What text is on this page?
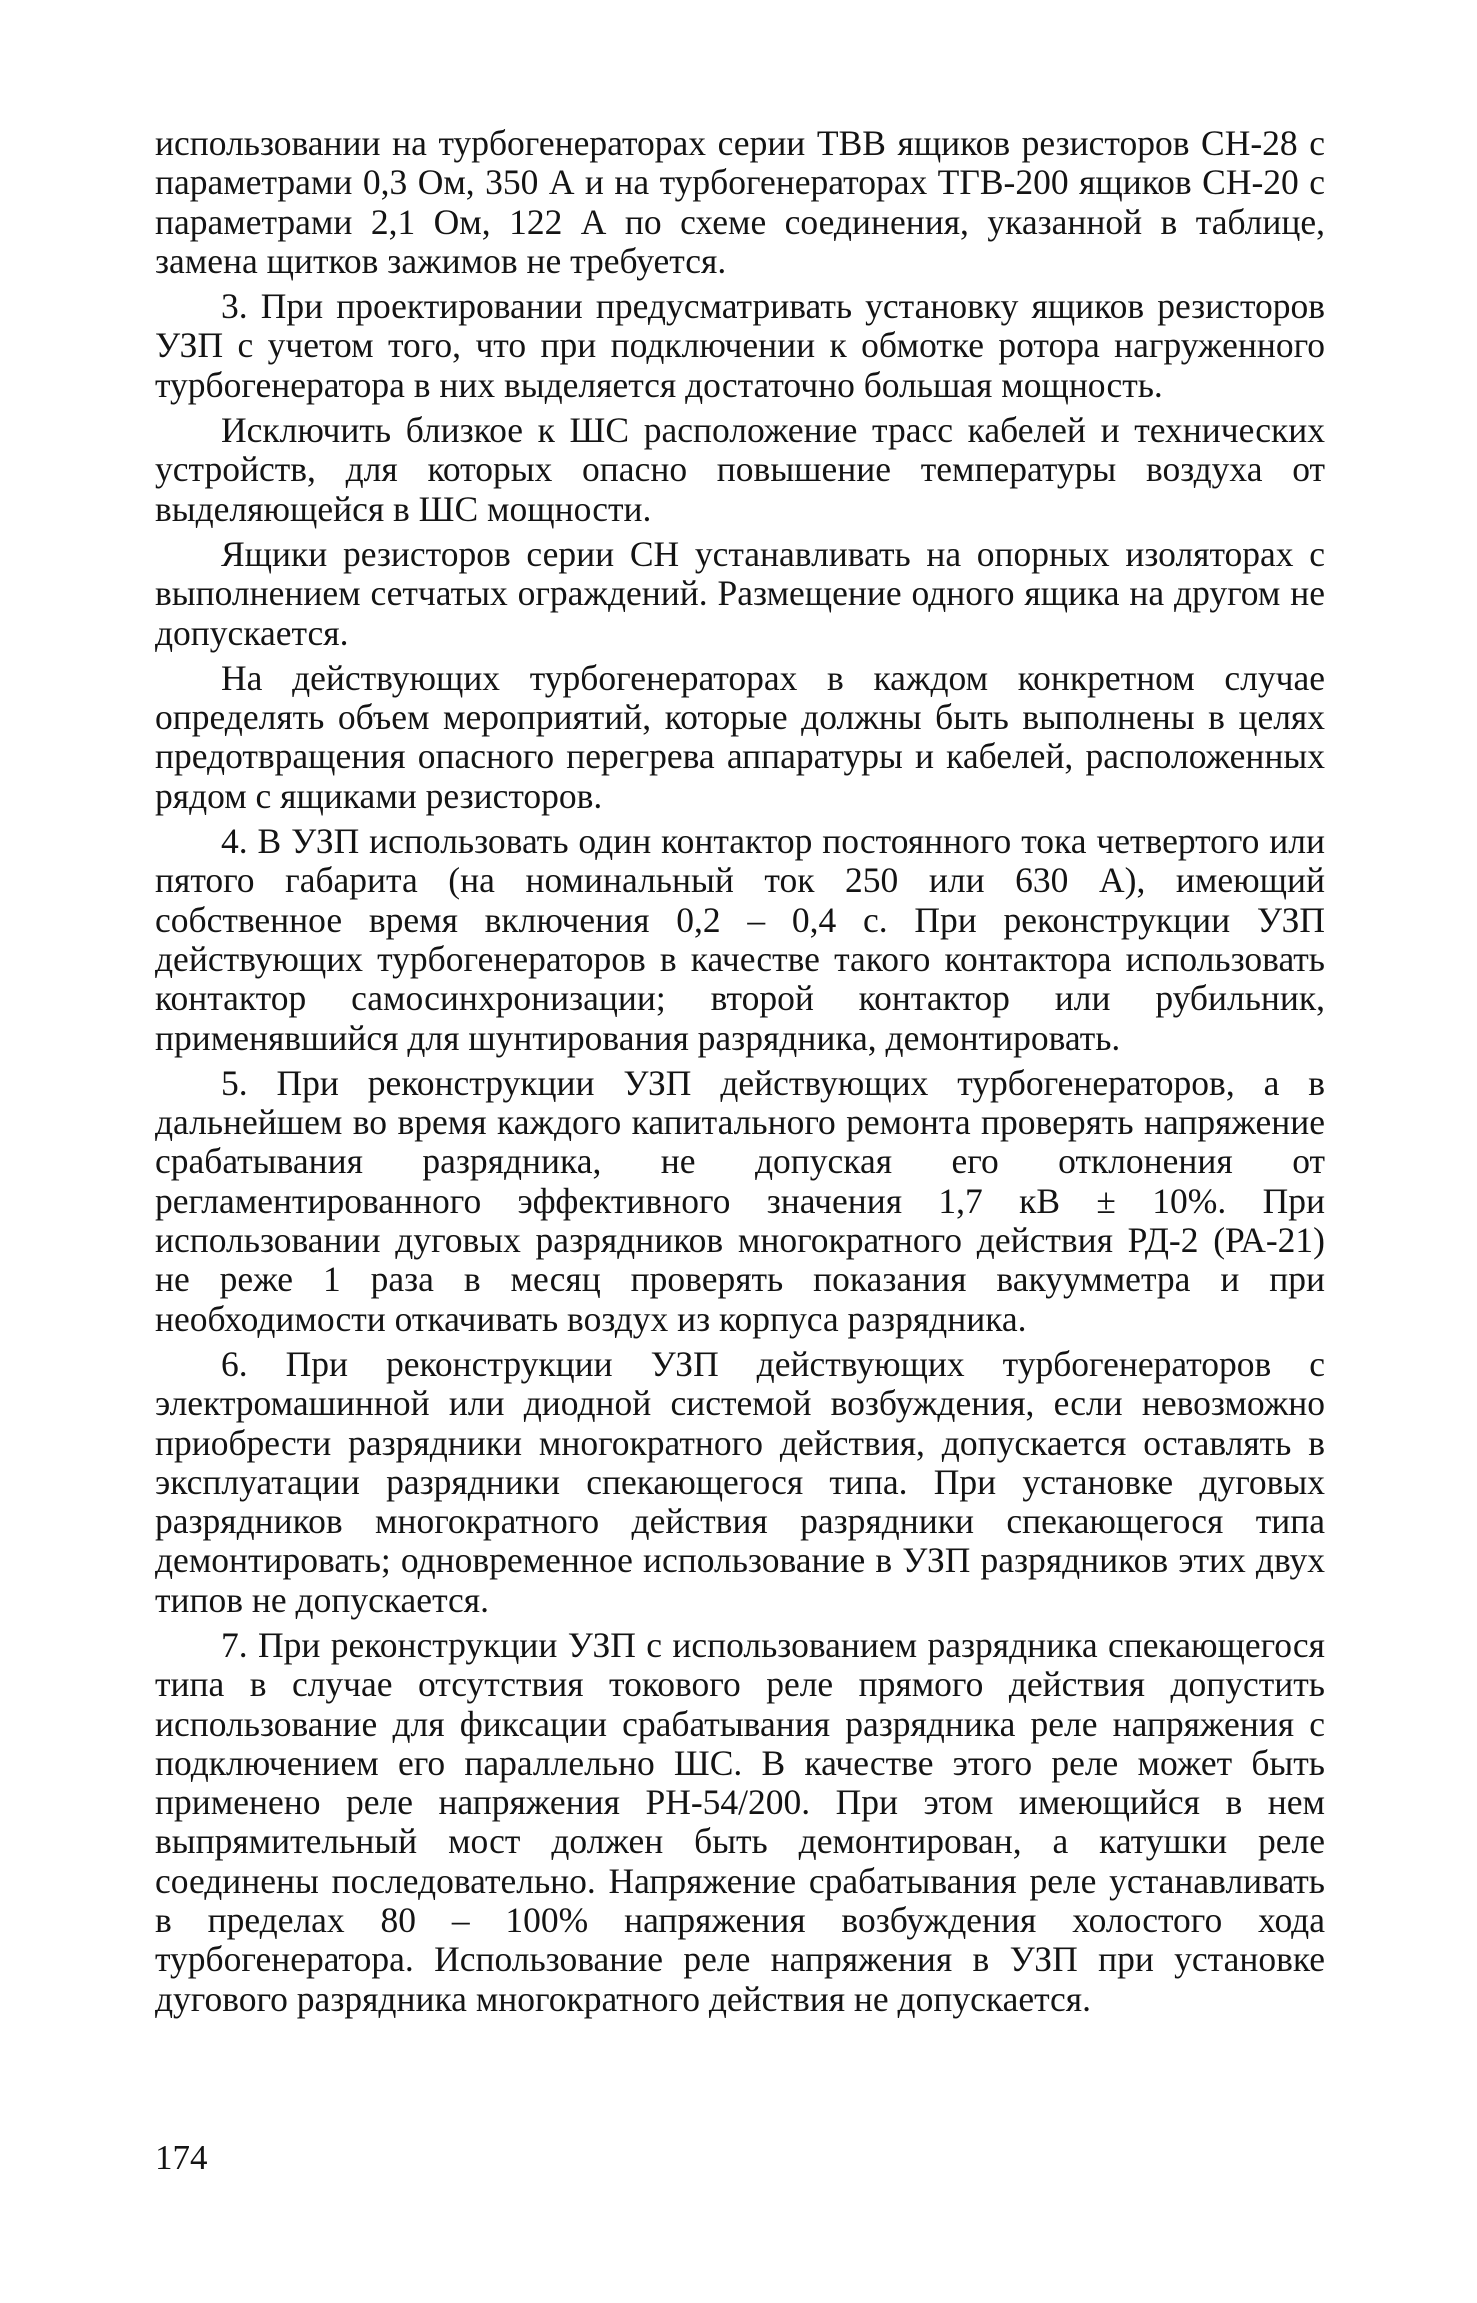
использовании на турбогенераторах серии ТВВ ящиков резисторов СН-28 с параметрами 0,3 Ом, 350 А и на турбогенераторах ТГВ-200 ящиков СН-20 с параметрами 2,1 Ом, 122 А по схеме соединения, указанной в таблице, замена щитков зажимов не требуется.

3. При проектировании предусматривать установку ящиков резисторов УЗП с учетом того, что при подключении к обмотке ротора нагруженного турбогенератора в них выделяется достаточно большая мощность.

Исключить близкое к ШС расположение трасс кабелей и технических устройств, для которых опасно повышение температуры воздуха от выделяющейся в ШС мощности.

Ящики резисторов серии СН устанавливать на опорных изоляторах с выполнением сетчатых ограждений. Размещение одного ящика на другом не допускается.

На действующих турбогенераторах в каждом конкретном случае определять объем мероприятий, которые должны быть выполнены в целях предотвращения опасного перегрева аппаратуры и кабелей, расположенных рядом с ящиками резисторов.

4. В УЗП использовать один контактор постоянного тока четвертого или пятого габарита (на номинальный ток 250 или 630 А), имеющий собственное время включения 0,2 – 0,4 с. При реконструкции УЗП действующих турбогенераторов в качестве такого контактора использовать контактор самосинхронизации; второй контактор или рубильник, применявшийся для шунтирования разрядника, демонтировать.

5. При реконструкции УЗП действующих турбогенераторов, а в дальнейшем во время каждого капитального ремонта проверять напряжение срабатывания разрядника, не допуская его отклонения от регламентированного эффективного значения 1,7 кВ ± 10%. При использовании дуговых разрядников многократного действия РД-2 (РА-21) не реже 1 раза в месяц проверять показания вакуумметра и при необходимости откачивать воздух из корпуса разрядника.

6. При реконструкции УЗП действующих турбогенераторов с электромашинной или диодной системой возбуждения, если невозможно приобрести разрядники многократного действия, допускается оставлять в эксплуатации разрядники спекающегося типа. При установке дуговых разрядников многократного действия разрядники спекающегося типа демонтировать; одновременное использование в УЗП разрядников этих двух типов не допускается.

7. При реконструкции УЗП с использованием разрядника спекающегося типа в случае отсутствия токового реле прямого действия допустить использование для фиксации срабатывания разрядника реле напряжения с подключением его параллельно ШС. В качестве этого реле может быть применено реле напряжения РН-54/200. При этом имеющийся в нем выпрямительный мост должен быть демонтирован, а катушки реле соединены последовательно. Напряжение срабатывания реле устанавливать в пределах 80 – 100% напряжения возбуждения холостого хода турбогенератора. Использование реле напряжения в УЗП при установке дугового разрядника многократного действия не допускается.

174
